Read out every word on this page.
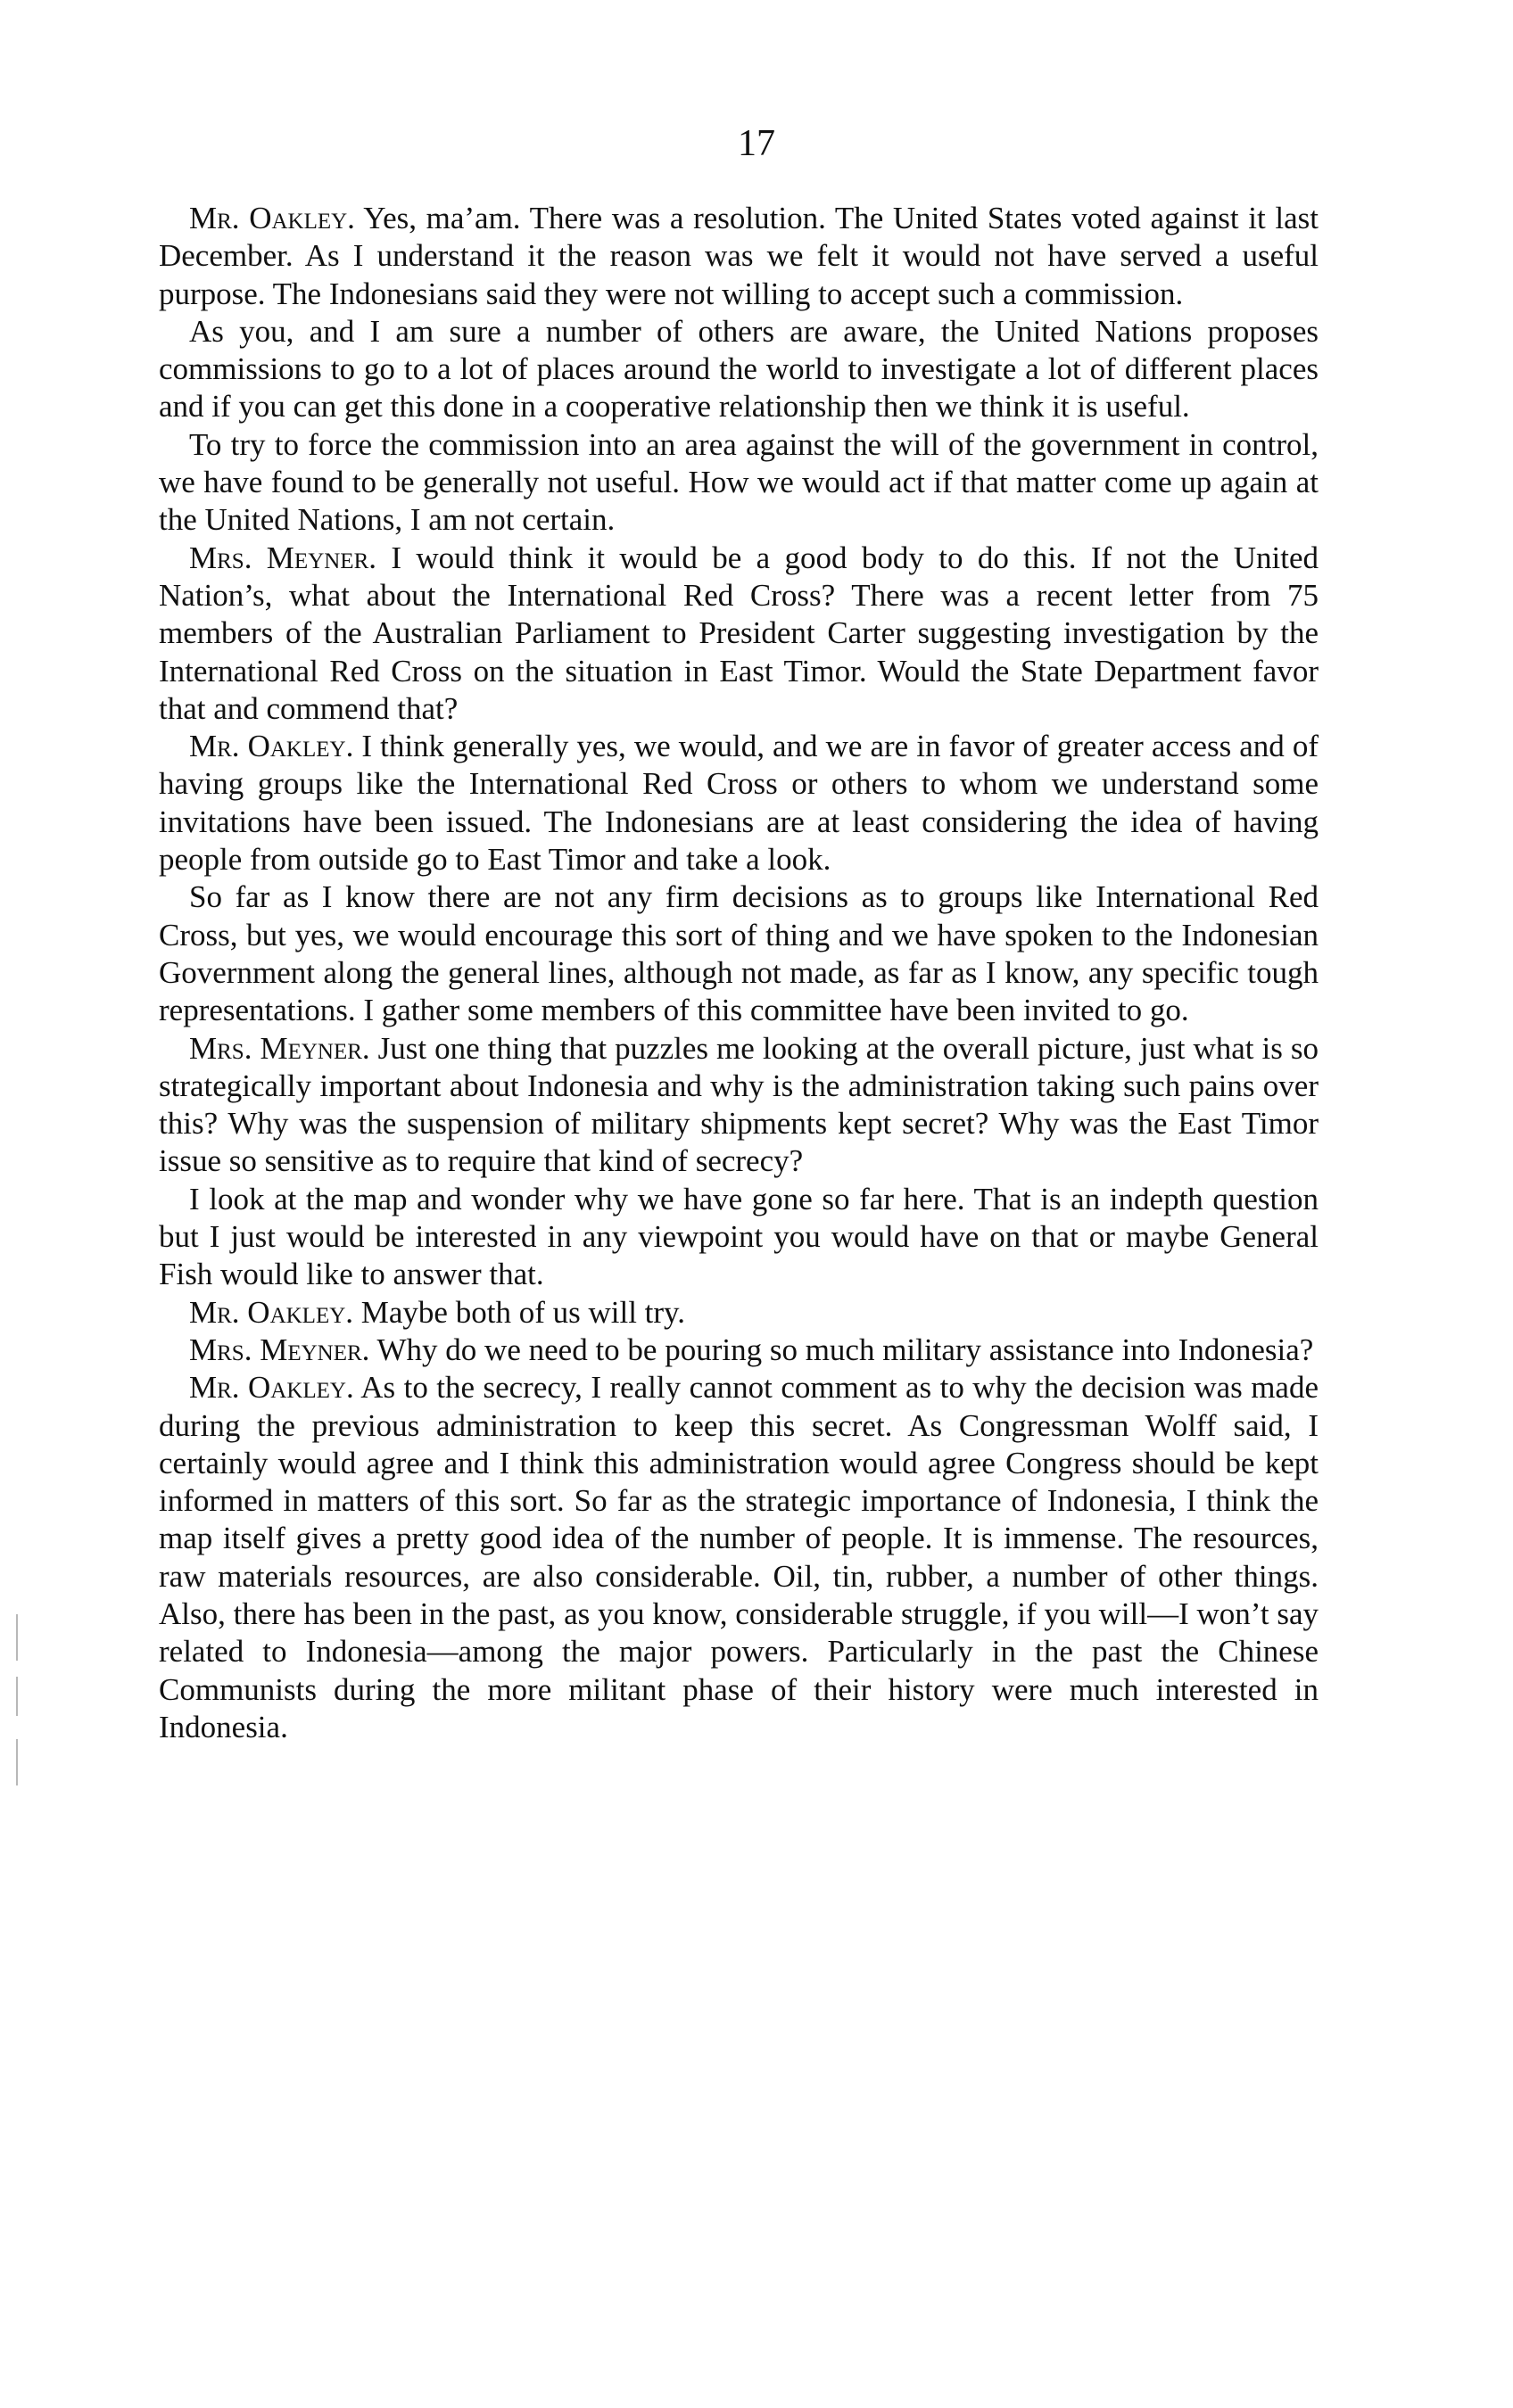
17

Mr. Oakley. Yes, ma’am. There was a resolution. The United States voted against it last December. As I understand it the reason was we felt it would not have served a useful purpose. The Indonesians said they were not willing to accept such a commission.

As you, and I am sure a number of others are aware, the United Nations proposes commissions to go to a lot of places around the world to investigate a lot of different places and if you can get this done in a cooperative relationship then we think it is useful.

To try to force the commission into an area against the will of the government in control, we have found to be generally not useful. How we would act if that matter come up again at the United Nations, I am not certain.

Mrs. Meyner. I would think it would be a good body to do this. If not the United Nation’s, what about the International Red Cross? There was a recent letter from 75 members of the Australian Parliament to President Carter suggesting investigation by the International Red Cross on the situation in East Timor. Would the State Department favor that and commend that?

Mr. Oakley. I think generally yes, we would, and we are in favor of greater access and of having groups like the International Red Cross or others to whom we understand some invitations have been issued. The Indonesians are at least considering the idea of having people from outside go to East Timor and take a look.

So far as I know there are not any firm decisions as to groups like International Red Cross, but yes, we would encourage this sort of thing and we have spoken to the Indonesian Government along the general lines, although not made, as far as I know, any specific tough representations. I gather some members of this committee have been invited to go.

Mrs. Meyner. Just one thing that puzzles me looking at the overall picture, just what is so strategically important about Indonesia and why is the administration taking such pains over this? Why was the suspension of military shipments kept secret? Why was the East Timor issue so sensitive as to require that kind of secrecy?

I look at the map and wonder why we have gone so far here. That is an indepth question but I just would be interested in any viewpoint you would have on that or maybe General Fish would like to answer that.

Mr. Oakley. Maybe both of us will try.

Mrs. Meyner. Why do we need to be pouring so much military assistance into Indonesia?

Mr. Oakley. As to the secrecy, I really cannot comment as to why the decision was made during the previous administration to keep this secret. As Congressman Wolff said, I certainly would agree and I think this administration would agree Congress should be kept informed in matters of this sort. So far as the strategic importance of Indonesia, I think the map itself gives a pretty good idea of the number of people. It is immense. The resources, raw materials resources, are also considerable. Oil, tin, rubber, a number of other things. Also, there has been in the past, as you know, considerable struggle, if you will—I won’t say related to Indonesia—among the major powers. Particularly in the past the Chinese Communists during the more militant phase of their history were much interested in Indonesia.
